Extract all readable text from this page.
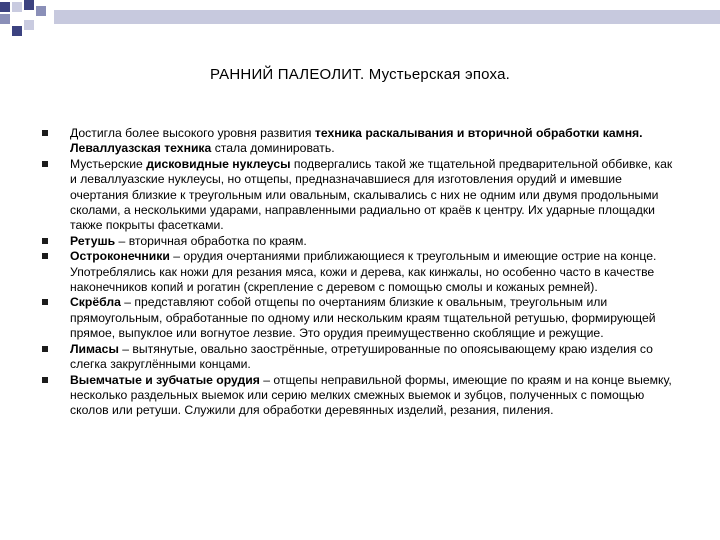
РАННИЙ ПАЛЕОЛИТ. Мустьерская эпоха.
Достигла более высокого уровня развития техника раскалывания и вторичной обработки камня. Леваллуазская техника стала доминировать.
Мустьерские дисковидные нуклеусы подвергались такой же тщательной предварительной оббивке, как и леваллуазские нуклеусы, но отщепы, предназначавшиеся для изготовления орудий и имевшие очертания близкие к треугольным или овальным, скалывались с них не одним или двумя продольными сколами, а несколькими ударами, направленными радиально от краёв к центру. Их ударные площадки также покрыты фасетками.
Ретушь – вторичная обработка по краям.
Остроконечники – орудия очертаниями приближающиеся к треугольным и имеющие острие на конце. Употреблялись как ножи для резания мяса, кожи и дерева, как кинжалы, но особенно часто в качестве наконечников копий и рогатин (скрепление с деревом с помощью смолы и кожаных ремней).
Скрёбла – представляют собой отщепы по очертаниям близкие к овальным, треугольным или прямоугольным, обработанные по одному или нескольким краям тщательной ретушью, формирующей прямое, выпуклое или вогнутое лезвие. Это орудия преимущественно скоблящие и режущие.
Лимасы – вытянутые, овально заострённые, отретушированные по опоясывающему краю изделия со слегка закруглёнными концами.
Выемчатые и зубчатые орудия – отщепы неправильной формы, имеющие по краям и на конце выемку, несколько раздельных выемок или серию мелких смежных выемок и зубцов, полученных с помощью сколов или ретуши. Служили для обработки деревянных изделий, резания, пиления.
